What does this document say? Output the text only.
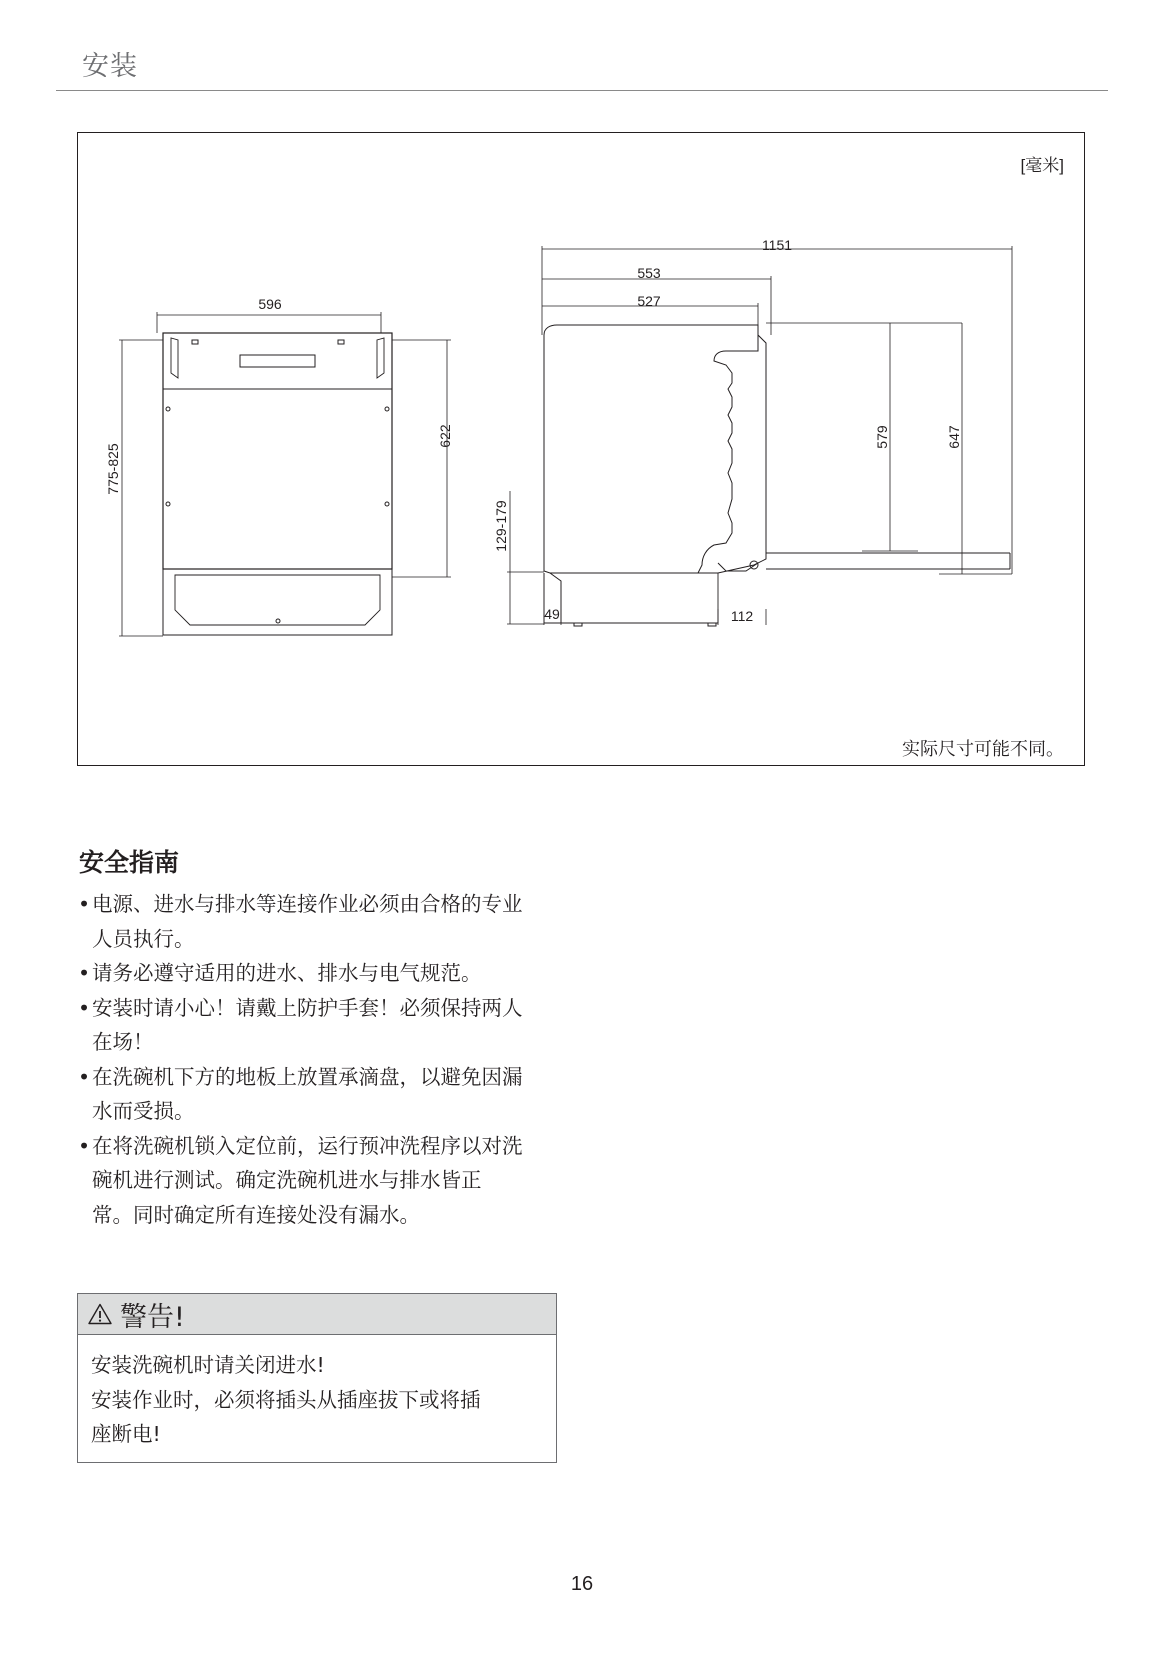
安装
596
775-825
622
1151
553
527
579	647
129-179
49	112
[毫米]
实际尺寸可能不同。
安全指南
• 电源、进水与排水等连接作业必须由合格的专业
人员执行。
• 请务必遵守适用的进水、排水与电气规范。
• 安装时请小心！请戴上防护手套！必须保持两人
在场！
• 在洗碗机下方的地板上放置承滴盘，以避免因漏
水而受损。
• 在将洗碗机锁入定位前，运行预冲洗程序以对洗
碗机进行测试。确定洗碗机进水与排水皆正
常。同时确定所有连接处没有漏水。
警告!

安装洗碗机时请关闭进水!

安装作业时，必须将插头从插座拔下或将插

座断电!

16
